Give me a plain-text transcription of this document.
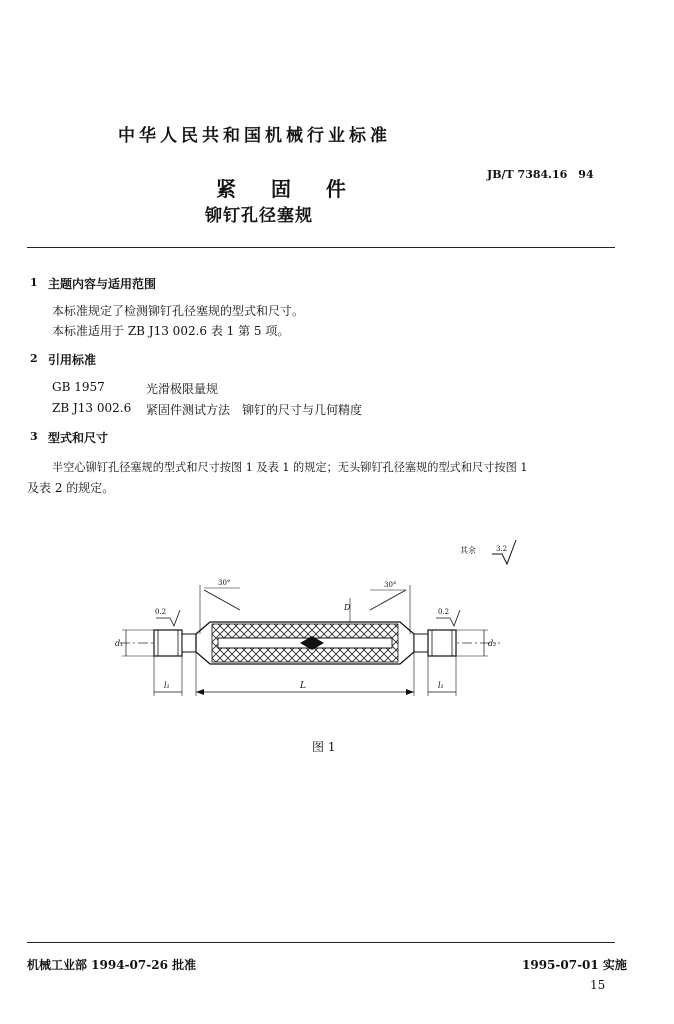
中华人民共和国机械行业标准
JB/T 7384.16　94
紧 固 件
铆钉孔径塞规
1 主题内容与适用范围
本标准规定了检测铆钉孔径塞规的型式和尺寸。
本标准适用于 ZB J13 002.6 表 1 第 5 项。
2 引用标准
GB 1957	光滑极限量规
ZB J13 002.6 紧固件测试方法　铆钉的尺寸与几何精度
3 型式和尺寸
半空心铆钉孔径塞规的型式和尺寸按图 1 及表 1 的规定；无头铆钉孔径塞规的型式和尺寸按图 1
及表 2 的规定。
其余	3.2
d₁	d₂
D
0.2	0.2
30°	30°
l₁	l₁
L
图 1
机械工业部 1994-07-26 批准	1995-07-01 实施
15
